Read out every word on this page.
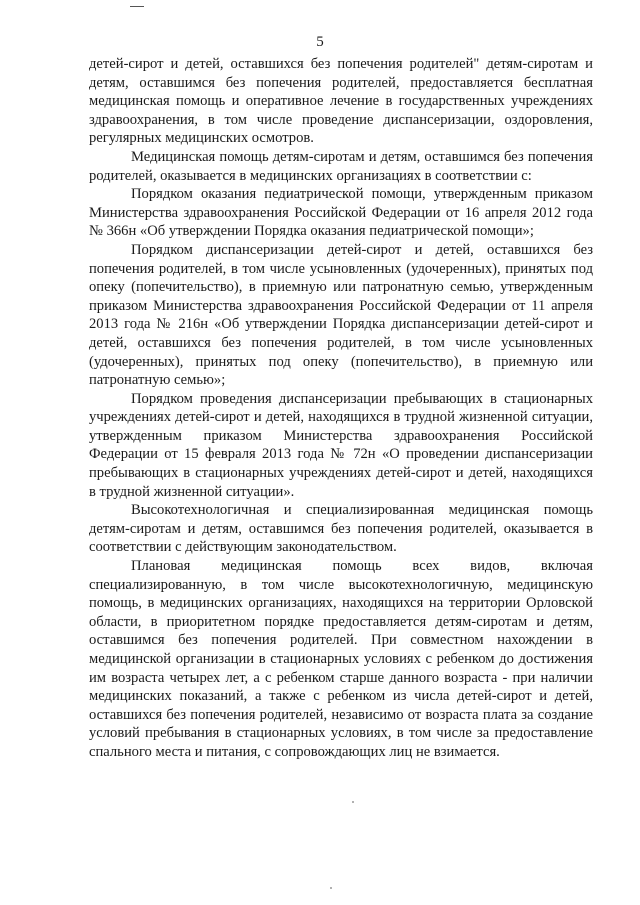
5

детей-сирот и детей, оставшихся без попечения родителей" детям-сиротам и детям, оставшимся без попечения родителей, предоставляется бесплатная медицинская помощь и оперативное лечение в государственных учреждениях здравоохранения, в том числе проведение диспансеризации, оздоровления, регулярных медицинских осмотров.

Медицинская помощь детям-сиротам и детям, оставшимся без попечения родителей, оказывается в медицинских организациях в соответствии с:

Порядком оказания педиатрической помощи, утвержденным приказом Министерства здравоохранения Российской Федерации от 16 апреля 2012 года № 366н «Об утверждении Порядка оказания педиатрической помощи»;

Порядком диспансеризации детей-сирот и детей, оставшихся без попечения родителей, в том числе усыновленных (удочеренных), принятых под опеку (попечительство), в приемную или патронатную семью, утвержденным приказом Министерства здравоохранения Российской Федерации от 11 апреля 2013 года № 216н «Об утверждении Порядка диспансеризации детей-сирот и детей, оставшихся без попечения родителей, в том числе усыновленных (удочеренных), принятых под опеку (попечительство), в приемную или патронатную семью»;

Порядком проведения диспансеризации пребывающих в стационарных учреждениях детей-сирот и детей, находящихся в трудной жизненной ситуации, утвержденным приказом Министерства здравоохранения Российской Федерации от 15 февраля 2013 года № 72н «О проведении диспансеризации пребывающих в стационарных учреждениях детей-сирот и детей, находящихся в трудной жизненной ситуации».

Высокотехнологичная и специализированная медицинская помощь детям-сиротам и детям, оставшимся без попечения родителей, оказывается в соответствии с действующим законодательством.

Плановая медицинская помощь всех видов, включая специализированную, в том числе высокотехнологичную, медицинскую помощь, в медицинских организациях, находящихся на территории Орловской области, в приоритетном порядке предоставляется детям-сиротам и детям, оставшимся без попечения родителей. При совместном нахождении в медицинской организации в стационарных условиях с ребенком до достижения им возраста четырех лет, а с ребенком старше данного возраста - при наличии медицинских показаний, а также с ребенком из числа детей-сирот и детей, оставшихся без попечения родителей, независимо от возраста плата за создание условий пребывания в стационарных условиях, в том числе за предоставление спального места и питания, с сопровождающих лиц не взимается.
